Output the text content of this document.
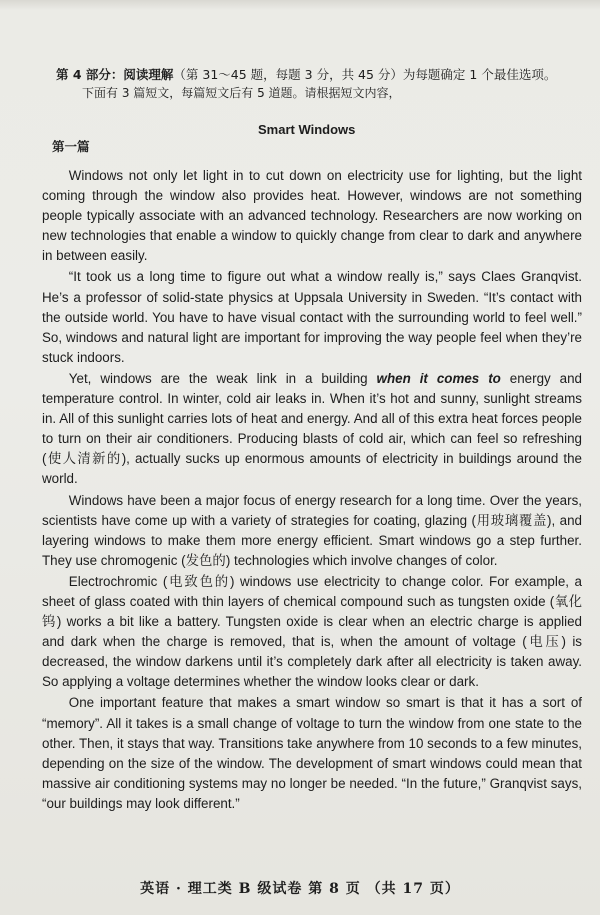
第 4 部分：阅读理解（第 31～45 题，每题 3 分，共 45 分）为每题确定 1 个最佳选项。
下面有 3 篇短文，每篇短文后有 5 道题。请根据短文内容，
第一篇
Smart Windows

Windows not only let light in to cut down on electricity use for lighting, but the light coming through the window also provides heat. However, windows are not something people typically associate with an advanced technology. Researchers are now working on new technologies that enable a window to quickly change from clear to dark and anywhere in between easily.

“It took us a long time to figure out what a window really is,” says Claes Granqvist. He’s a professor of solid-state physics at Uppsala University in Sweden. “It’s contact with the outside world. You have to have visual contact with the surrounding world to feel well.” So, windows and natural light are important for improving the way people feel when they’re stuck indoors.

Yet, windows are the weak link in a building when it comes to energy and temperature control. In winter, cold air leaks in. When it’s hot and sunny, sunlight streams in. All of this sunlight carries lots of heat and energy. And all of this extra heat forces people to turn on their air conditioners. Producing blasts of cold air, which can feel so refreshing (使人清新的), actually sucks up enormous amounts of electricity in buildings around the world.

Windows have been a major focus of energy research for a long time. Over the years, scientists have come up with a variety of strategies for coating, glazing (用玻璃覆盖), and layering windows to make them more energy efficient. Smart windows go a step further. They use chromogenic (发色的) technologies which involve changes of color.

Electrochromic (电致色的) windows use electricity to change color. For example, a sheet of glass coated with thin layers of chemical compound such as tungsten oxide (氧化钨) works a bit like a battery. Tungsten oxide is clear when an electric charge is applied and dark when the charge is removed, that is, when the amount of voltage (电压) is decreased, the window darkens until it’s completely dark after all electricity is taken away. So applying a voltage determines whether the window looks clear or dark.

One important feature that makes a smart window so smart is that it has a sort of “memory”. All it takes is a small change of voltage to turn the window from one state to the other. Then, it stays that way. Transitions take anywhere from 10 seconds to a few minutes, depending on the size of the window. The development of smart windows could mean that massive air conditioning systems may no longer be needed. “In the future,” Granqvist says, “our buildings may look different.”

英语 · 理工类 B 级试卷 第 8 页 （共 17 页）
